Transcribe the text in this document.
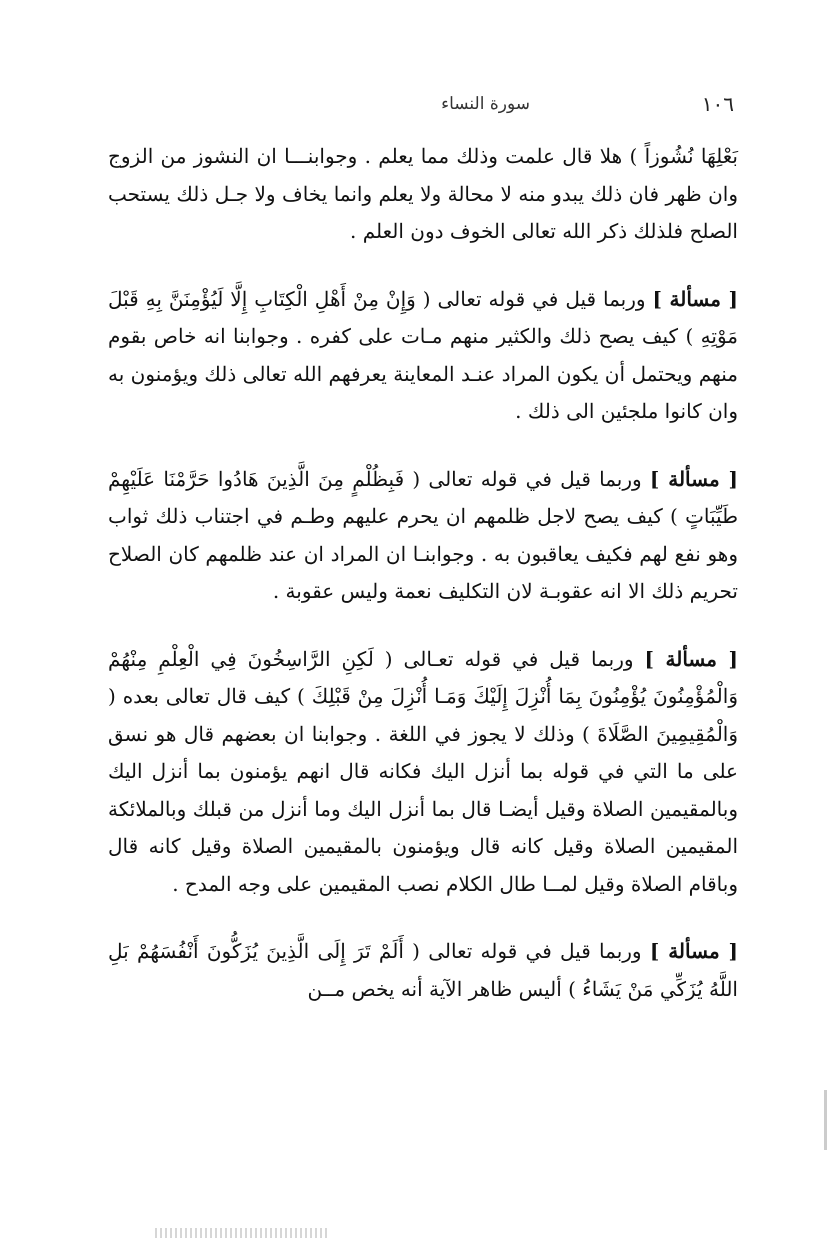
١٠٦
سورة النساء

بَعْلِهَا نُشُوزاً ) هلا قال علمت وذلك مما يعلم . وجوابنـــا ان النشوز من الزوج وان ظهر فان ذلك يبدو منه لا محالة ولا يعلم وانما يخاف ولا جـل ذلك يستحب الصلح فلذلك ذكر الله تعالى الخوف دون العلم .

[ مسألة ] وربما قيل في قوله تعالى ( وَإِنْ مِنْ أَهْلِ الْكِتَابِ إِلَّا لَيُؤْمِنَنَّ بِهِ قَبْلَ مَوْتِهِ ) كيف يصح ذلك والكثير منهم مـات على كفره . وجوابنا انه خاص بقوم منهم ويحتمل أن يكون المراد عنـد المعاينة يعرفهم الله تعالى ذلك ويؤمنون به وان كانوا ملجئين الى ذلك .

[ مسألة ] وربما قيل في قوله تعالى ( فَبِظُلْمٍ مِنَ الَّذِينَ هَادُوا حَرَّمْنَا عَلَيْهِمْ طَيِّبَاتٍ ) كيف يصح لاجل ظلمهم ان يحرم عليهم وطـم في اجتناب ذلك ثواب وهو نفع لهم فكيف يعاقبون به . وجوابنـا ان المراد ان عند ظلمهم كان الصلاح تحريم ذلك الا انه عقوبـة لان التكليف نعمة وليس عقوبة .

[ مسألة ] وربما قيل في قوله تعـالى ( لَكِنِ الرَّاسِخُونَ فِي الْعِلْمِ مِنْهُمْ وَالْمُؤْمِنُونَ يُؤْمِنُونَ بِمَا أُنْزِلَ إِلَيْكَ وَمَـا أُنْزِلَ مِنْ قَبْلِكَ ) كيف قال تعالى بعده ( وَالْمُقِيمِينَ الصَّلَاةَ ) وذلك لا يجوز في اللغة . وجوابنا ان بعضهم قال هو نسق على ما التي في قوله بما أنزل اليك فكانه قال انهم يؤمنون بما أنزل اليك وبالمقيمين الصلاة وقيل أيضـا قال بما أنزل اليك وما أنزل من قبلك وبالملائكة المقيمين الصلاة وقيل كانه قال ويؤمنون بالمقيمين الصلاة وقيل كانه قال وباقام الصلاة وقيل لمــا طال الكلام نصب المقيمين على وجه المدح .

[ مسألة ] وربما قيل في قوله تعالى ( أَلَمْ تَرَ إِلَى الَّذِينَ يُزَكُّونَ أَنْفُسَهُمْ بَلِ اللَّهُ يُزَكِّي مَنْ يَشَاءُ ) أليس ظاهر الآية أنه يخص مــن
